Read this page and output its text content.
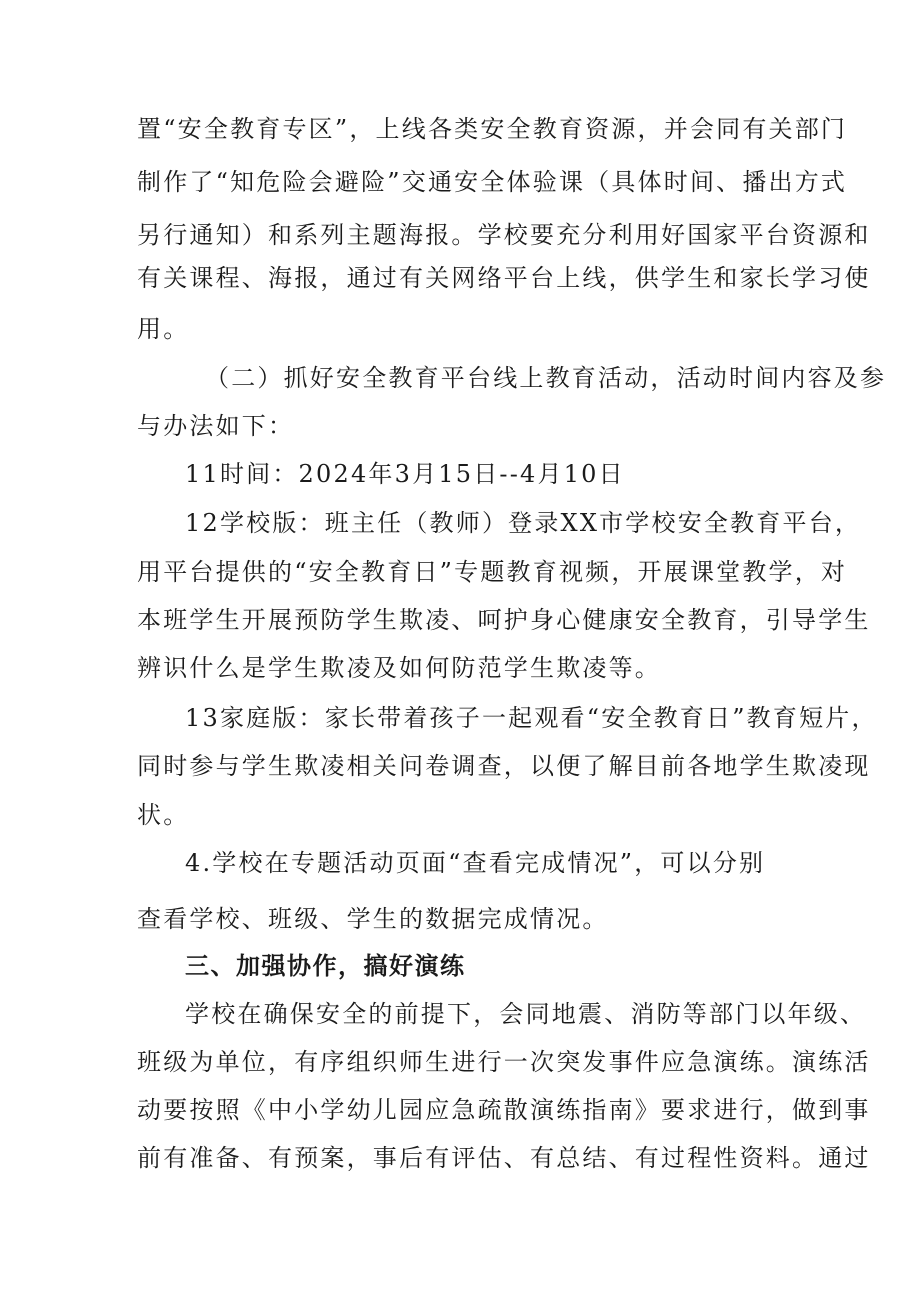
置“安全教育专区”，上线各类安全教育资源，并会同有关部门
制作了“知危险会避险”交通安全体验课（具体时间、播出方式
另行通知）和系列主题海报。学校要充分利用好国家平台资源和
有关课程、海报，通过有关网络平台上线，供学生和家长学习使
用。
（二）抓好安全教育平台线上教育活动，活动时间内容及参
与办法如下：
11时间：2024年3月15日--4月10日
12学校版：班主任（教师）登录XX市学校安全教育平台，
用平台提供的“安全教育日”专题教育视频，开展课堂教学，对
本班学生开展预防学生欺凌、呵护身心健康安全教育，引导学生
辨识什么是学生欺凌及如何防范学生欺凌等。
13家庭版：家长带着孩子一起观看“安全教育日”教育短片，
同时参与学生欺凌相关问卷调查，以便了解目前各地学生欺凌现
状。
4.学校在专题活动页面“查看完成情况”，可以分别
查看学校、班级、学生的数据完成情况。
三、加强协作，搞好演练
学校在确保安全的前提下，会同地震、消防等部门以年级、
班级为单位，有序组织师生进行一次突发事件应急演练。演练活
动要按照《中小学幼儿园应急疏散演练指南》要求进行，做到事
前有准备、有预案，事后有评估、有总结、有过程性资料。通过
